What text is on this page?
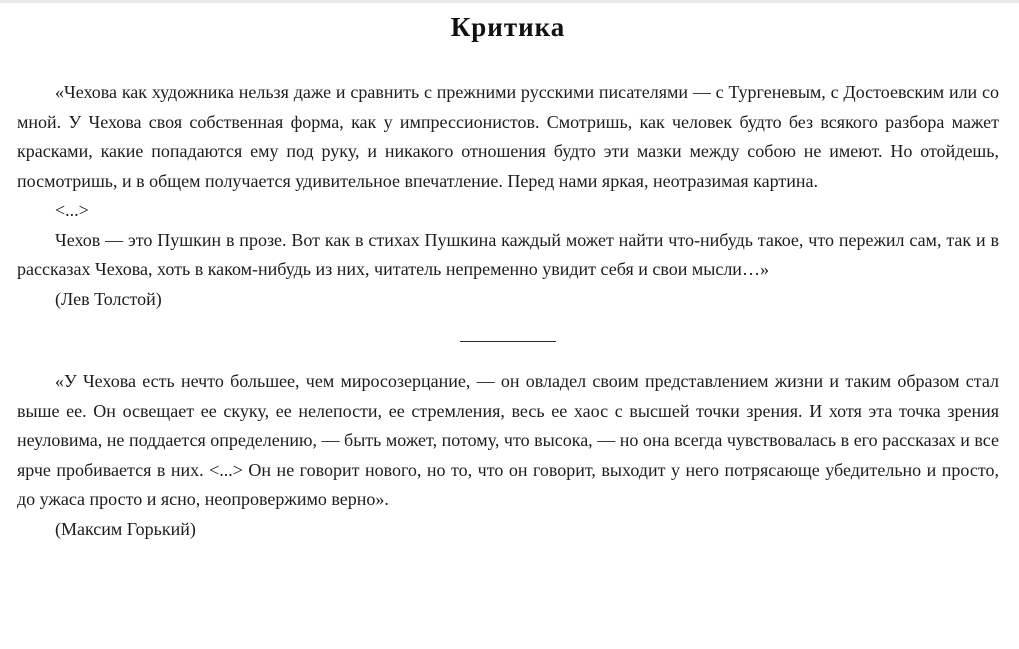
Критика

«Чехова как художника нельзя даже и сравнить с прежними русскими писателями — с Тургеневым, с Достоевским или со мной. У Чехова своя собственная форма, как у импрессионистов. Смотришь, как человек будто без всякого разбора мажет красками, какие попадаются ему под руку, и никакого отношения будто эти мазки между собою не имеют. Но отойдешь, посмотришь, и в общем получается удивительное впечатление. Перед нами яркая, неотразимая картина.

<...>

Чехов — это Пушкин в прозе. Вот как в стихах Пушкина каждый может найти что-нибудь такое, что пережил сам, так и в рассказах Чехова, хоть в каком-нибудь из них, читатель непременно увидит себя и свои мысли…»

(Лев Толстой)

«У Чехова есть нечто большее, чем миросозерцание, — он овладел своим представлением жизни и таким образом стал выше ее. Он освещает ее скуку, ее нелепости, ее стремления, весь ее хаос с высшей точки зрения. И хотя эта точка зрения неуловима, не поддается определению, — быть может, потому, что высока, — но она всегда чувствовалась в его рассказах и все ярче пробивается в них. <...> Он не говорит нового, но то, что он говорит, выходит у него потрясающе убедительно и просто, до ужаса просто и ясно, неопровержимо верно».

(Максим Горький)
